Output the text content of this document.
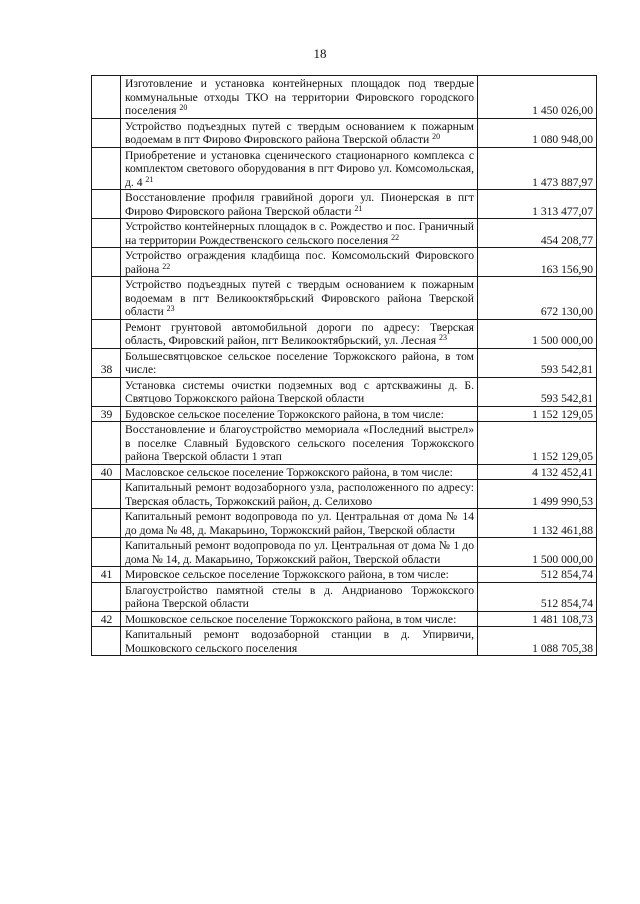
18
	Изготовление и установка контейнерных площадок под твердые коммунальные отходы ТКО на территории Фировского городского поселения $^{20}$	1 450 026,00
	Устройство подъездных путей с твердым основанием к пожарным водоемам в пгт Фирово Фировского района Тверской области $^{20}$	1 080 948,00
	Приобретение и установка сценического стационарного комплекса с комплектом светового оборудования в пгт Фирово ул. Комсомольская, д. 4 $^{21}$	1 473 887,97
	Восстановление профиля гравийной дороги ул. Пионерская в пгт Фирово Фировского района Тверской области $^{21}$	1 313 477,07
	Устройство контейнерных площадок в с. Рождество и пос. Граничный на территории Рождественского сельского поселения $^{22}$	454 208,77
	Устройство ограждения кладбища пос. Комсомольский Фировского района $^{22}$	163 156,90
	Устройство подъездных путей с твердым основанием к пожарным водоемам в пгт Великооктябрьский Фировского района Тверской области $^{23}$	672 130,00
	Ремонт грунтовой автомобильной дороги по адресу: Тверская область, Фировский район, пгт Великооктябрьский, ул. Лесная $^{23}$	1 500 000,00
38	Большесвятцовское сельское поселение Торжокского района, в том числе:	593 542,81
	Установка системы очистки подземных вод с артскважины д. Б. Святцово Торжокского района Тверской области	593 542,81
39	Будовское сельское поселение Торжокского района, в том числе:	1 152 129,05
	Восстановление и благоустройство мемориала «Последний выстрел» в поселке Славный Будовского сельского поселения Торжокского района Тверской области 1 этап	1 152 129,05
40	Масловское сельское поселение Торжокского района, в том числе:	4 132 452,41
	Капитальный ремонт водозаборного узла, расположенного по адресу: Тверская область, Торжокский район, д. Селихово	1 499 990,53
	Капитальный ремонт водопровода по ул. Центральная от дома № 14 до дома № 48, д. Макарьино, Торжокский район, Тверской области	1 132 461,88
	Капитальный ремонт водопровода по ул. Центральная от дома № 1 до дома № 14, д. Макарьино, Торжокский район, Тверской области	1 500 000,00
41	Мировское сельское поселение Торжокского района, в том числе:	512 854,74
	Благоустройство памятной стелы в д. Андрианово Торжокского района Тверской области	512 854,74
42	Мошковское сельское поселение Торжокского района, в том числе:	1 481 108,73
	Капитальный ремонт водозаборной станции в д. Упирвичи, Мошковского сельского поселения	1 088 705,38
